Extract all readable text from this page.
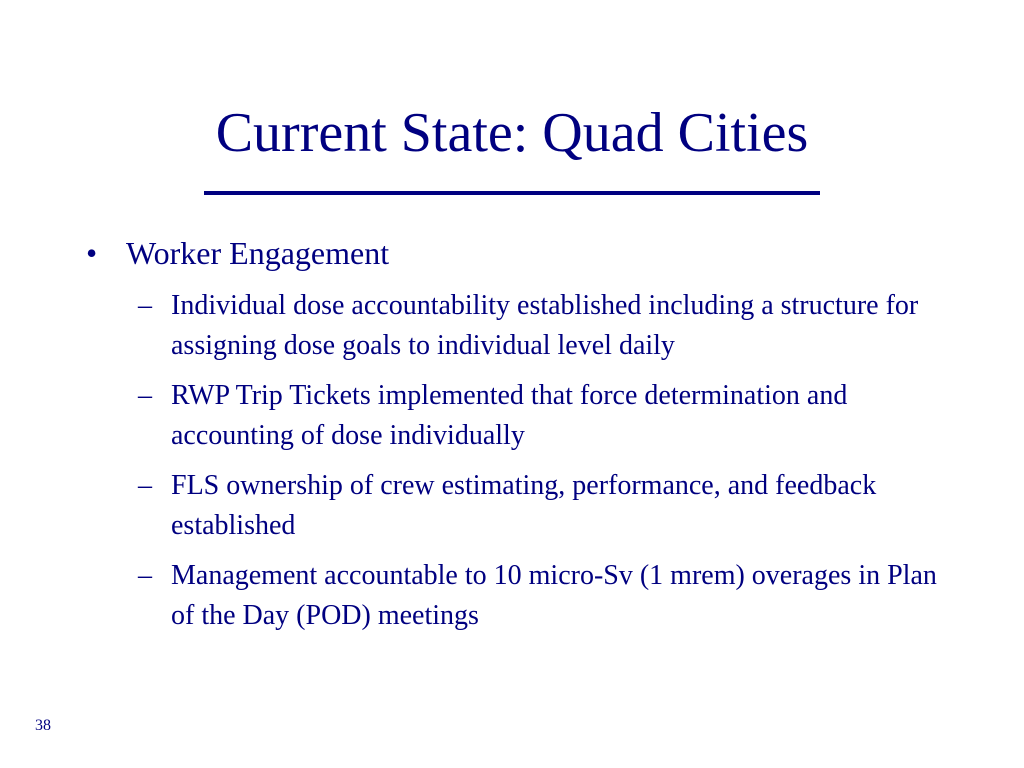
Current State: Quad Cities
• Worker Engagement
– Individual dose accountability established including a structure for assigning dose goals to individual level daily
– RWP Trip Tickets implemented that force determination and accounting of dose individually
– FLS ownership of crew estimating, performance, and feedback established
– Management accountable to 10 micro-Sv (1 mrem) overages in Plan of the Day (POD) meetings
38
